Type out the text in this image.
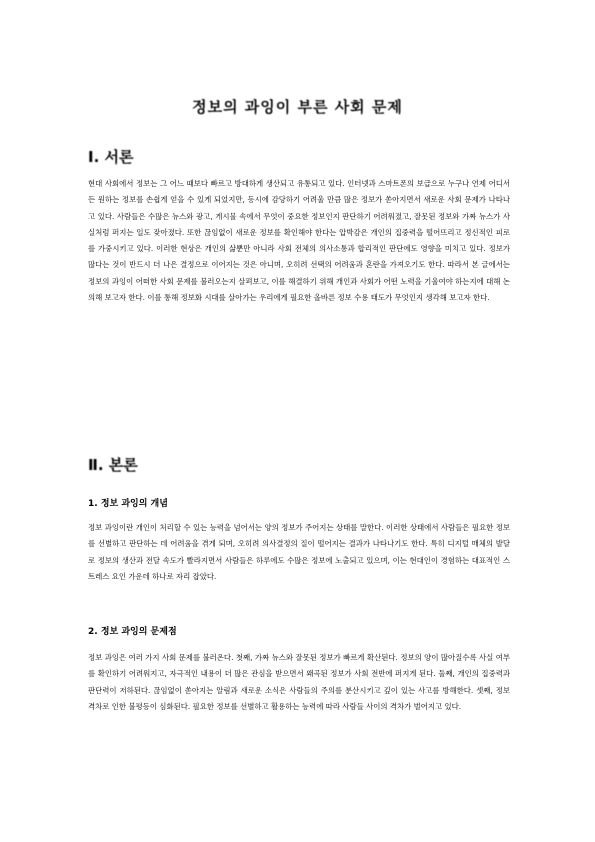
정보의 과잉이 부른 사회 문제
Ⅰ. 서론
현대 사회에서 정보는 그 어느 때보다 빠르고 방대하게 생산되고 유통되고 있다. 인터넷과 스마트폰의 보급으로 누구나 언제 어디서든 원하는 정보를 손쉽게 얻을 수 있게 되었지만, 동시에 감당하기 어려울 만큼 많은 정보가 쏟아지면서 새로운 사회 문제가 나타나고 있다. 사람들은 수많은 뉴스와 광고, 게시물 속에서 무엇이 중요한 정보인지 판단하기 어려워졌고, 잘못된 정보와 가짜 뉴스가 사실처럼 퍼지는 일도 잦아졌다. 또한 끊임없이 새로운 정보를 확인해야 한다는 압박감은 개인의 집중력을 떨어뜨리고 정신적인 피로를 가중시키고 있다. 이러한 현상은 개인의 삶뿐만 아니라 사회 전체의 의사소통과 합리적인 판단에도 영향을 미치고 있다. 정보가 많다는 것이 반드시 더 나은 결정으로 이어지는 것은 아니며, 오히려 선택의 어려움과 혼란을 가져오기도 한다. 따라서 본 글에서는 정보의 과잉이 어떠한 사회 문제를 불러오는지 살펴보고, 이를 해결하기 위해 개인과 사회가 어떤 노력을 기울여야 하는지에 대해 논의해 보고자 한다. 이를 통해 정보화 시대를 살아가는 우리에게 필요한 올바른 정보 수용 태도가 무엇인지 생각해 보고자 한다.
Ⅱ. 본론
1. 정보 과잉의 개념
정보 과잉이란 개인이 처리할 수 있는 능력을 넘어서는 양의 정보가 주어지는 상태를 말한다. 이러한 상태에서 사람들은 필요한 정보를 선별하고 판단하는 데 어려움을 겪게 되며, 오히려 의사결정의 질이 떨어지는 결과가 나타나기도 한다. 특히 디지털 매체의 발달로 정보의 생산과 전달 속도가 빨라지면서 사람들은 하루에도 수많은 정보에 노출되고 있으며, 이는 현대인이 경험하는 대표적인 스트레스 요인 가운데 하나로 자리 잡았다.
2. 정보 과잉의 문제점
정보 과잉은 여러 가지 사회 문제를 불러온다. 첫째, 가짜 뉴스와 잘못된 정보가 빠르게 확산된다. 정보의 양이 많아질수록 사실 여부를 확인하기 어려워지고, 자극적인 내용이 더 많은 관심을 받으면서 왜곡된 정보가 사회 전반에 퍼지게 된다. 둘째, 개인의 집중력과 판단력이 저하된다. 끊임없이 쏟아지는 알림과 새로운 소식은 사람들의 주의를 분산시키고 깊이 있는 사고를 방해한다. 셋째, 정보 격차로 인한 불평등이 심화된다. 필요한 정보를 선별하고 활용하는 능력에 따라 사람들 사이의 격차가 벌어지고 있다.
